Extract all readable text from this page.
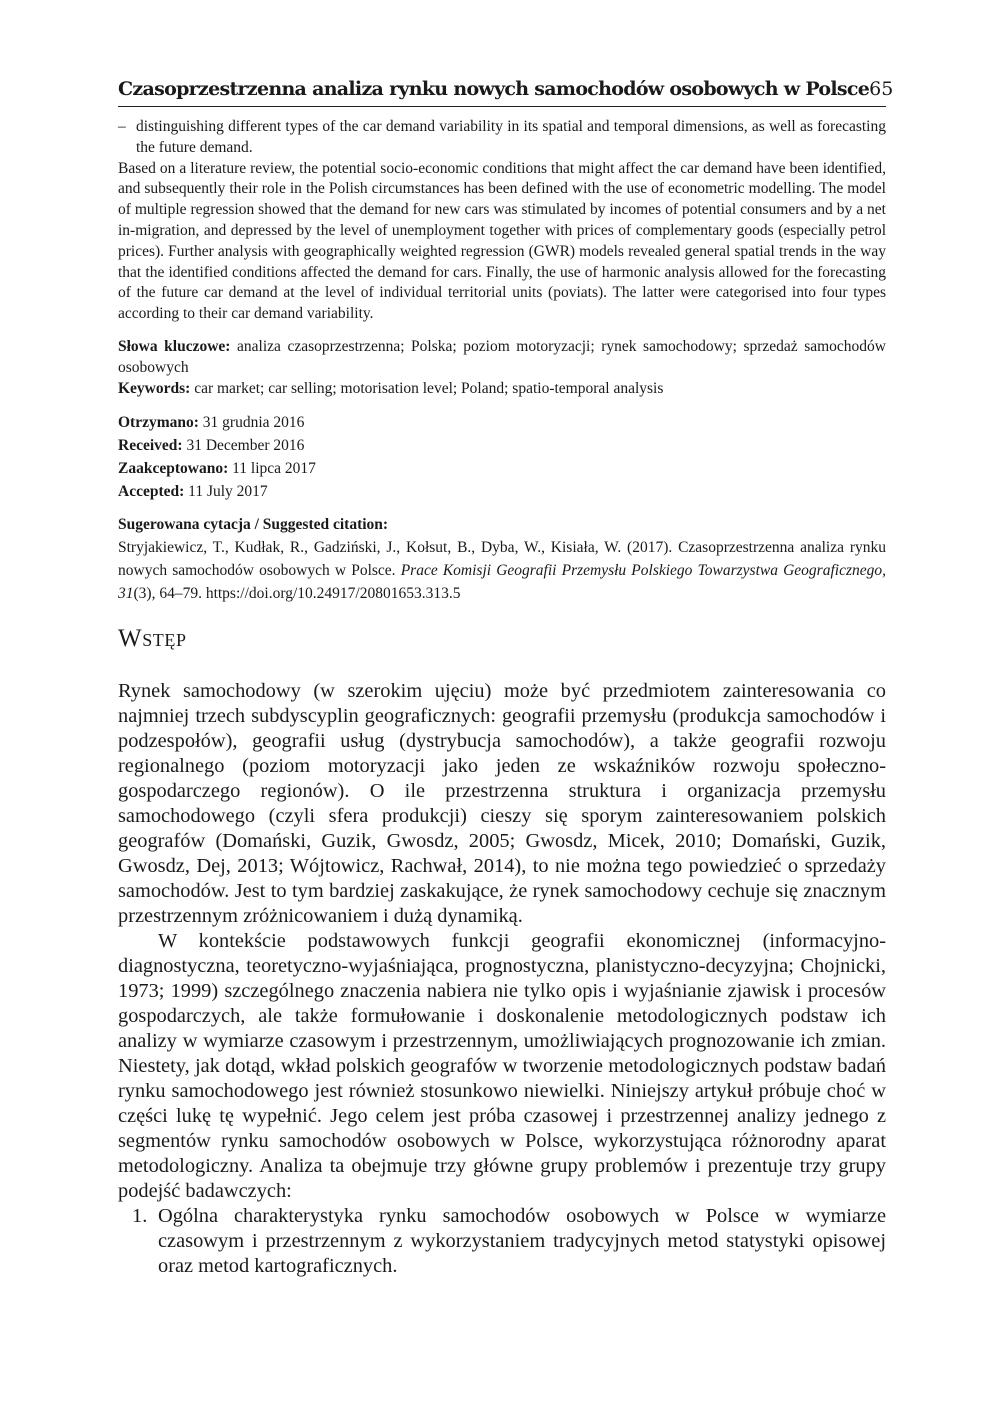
Czasoprzestrzenna analiza rynku nowych samochodów osobowych w Polsce 65
– distinguishing different types of the car demand variability in its spatial and temporal dimensions, as well as forecasting the future demand.
Based on a literature review, the potential socio-economic conditions that might affect the car demand have been identified, and subsequently their role in the Polish circumstances has been defined with the use of econometric modelling. The model of multiple regression showed that the demand for new cars was stimulated by incomes of potential consumers and by a net in-migration, and depressed by the level of unemployment together with prices of complementary goods (especially petrol prices). Further analysis with geographically weighted regression (GWR) models revealed general spatial trends in the way that the identified conditions affected the demand for cars. Finally, the use of harmonic analysis allowed for the forecasting of the future car demand at the level of individual territorial units (poviats). The latter were categorised into four types according to their car demand variability.

Słowa kluczowe: analiza czasoprzestrzenna; Polska; poziom motoryzacji; rynek samochodowy; sprzedaż samochodów osobowych

Keywords: car market; car selling; motorisation level; Poland; spatio-temporal analysis

Otrzymano: 31 grudnia 2016

Received: 31 December 2016

Zaakceptowano: 11 lipca 2017

Accepted: 11 July 2017

Sugerowana cytacja / Suggested citation:

Stryjakiewicz, T., Kudłak, R., Gadziński, J., Kołsut, B., Dyba, W., Kisiała, W. (2017). Czasoprzestrzenna analiza rynku nowych samochodów osobowych w Polsce. Prace Komisji Geografii Przemysłu Polskiego Towarzystwa Geograficznego, 31(3), 64–79. https://doi.org/10.24917/20801653.313.5

Wstęp

Rynek samochodowy (w szerokim ujęciu) może być przedmiotem zainteresowania co najmniej trzech subdyscyplin geograficznych: geografii przemysłu (produkcja samochodów i podzespołów), geografii usług (dystrybucja samochodów), a także geografii rozwoju regionalnego (poziom motoryzacji jako jeden ze wskaźników rozwoju społeczno-gospodarczego regionów). O ile przestrzenna struktura i organizacja przemysłu samochodowego (czyli sfera produkcji) cieszy się sporym zainteresowaniem polskich geografów (Domański, Guzik, Gwosdz, 2005; Gwosdz, Micek, 2010; Domański, Guzik, Gwosdz, Dej, 2013; Wójtowicz, Rachwał, 2014), to nie można tego powiedzieć o sprzedaży samochodów. Jest to tym bardziej zaskakujące, że rynek samochodowy cechuje się znacznym przestrzennym zróżnicowaniem i dużą dynamiką.

W kontekście podstawowych funkcji geografii ekonomicznej (informacyjno-diagnostyczna, teoretyczno-wyjaśniająca, prognostyczna, planistyczno-decyzyjna; Chojnicki, 1973; 1999) szczególnego znaczenia nabiera nie tylko opis i wyjaśnianie zjawisk i procesów gospodarczych, ale także formułowanie i doskonalenie metodologicznych podstaw ich analizy w wymiarze czasowym i przestrzennym, umożliwiających prognozowanie ich zmian. Niestety, jak dotąd, wkład polskich geografów w tworzenie metodologicznych podstaw badań rynku samochodowego jest również stosunkowo niewielki. Niniejszy artykuł próbuje choć w części lukę tę wypełnić. Jego celem jest próba czasowej i przestrzennej analizy jednego z segmentów rynku samochodów osobowych w Polsce, wykorzystująca różnorodny aparat metodologiczny. Analiza ta obejmuje trzy główne grupy problemów i prezentuje trzy grupy podejść badawczych:

1. Ogólna charakterystyka rynku samochodów osobowych w Polsce w wymiarze czasowym i przestrzennym z wykorzystaniem tradycyjnych metod statystyki opisowej oraz metod kartograficznych.
